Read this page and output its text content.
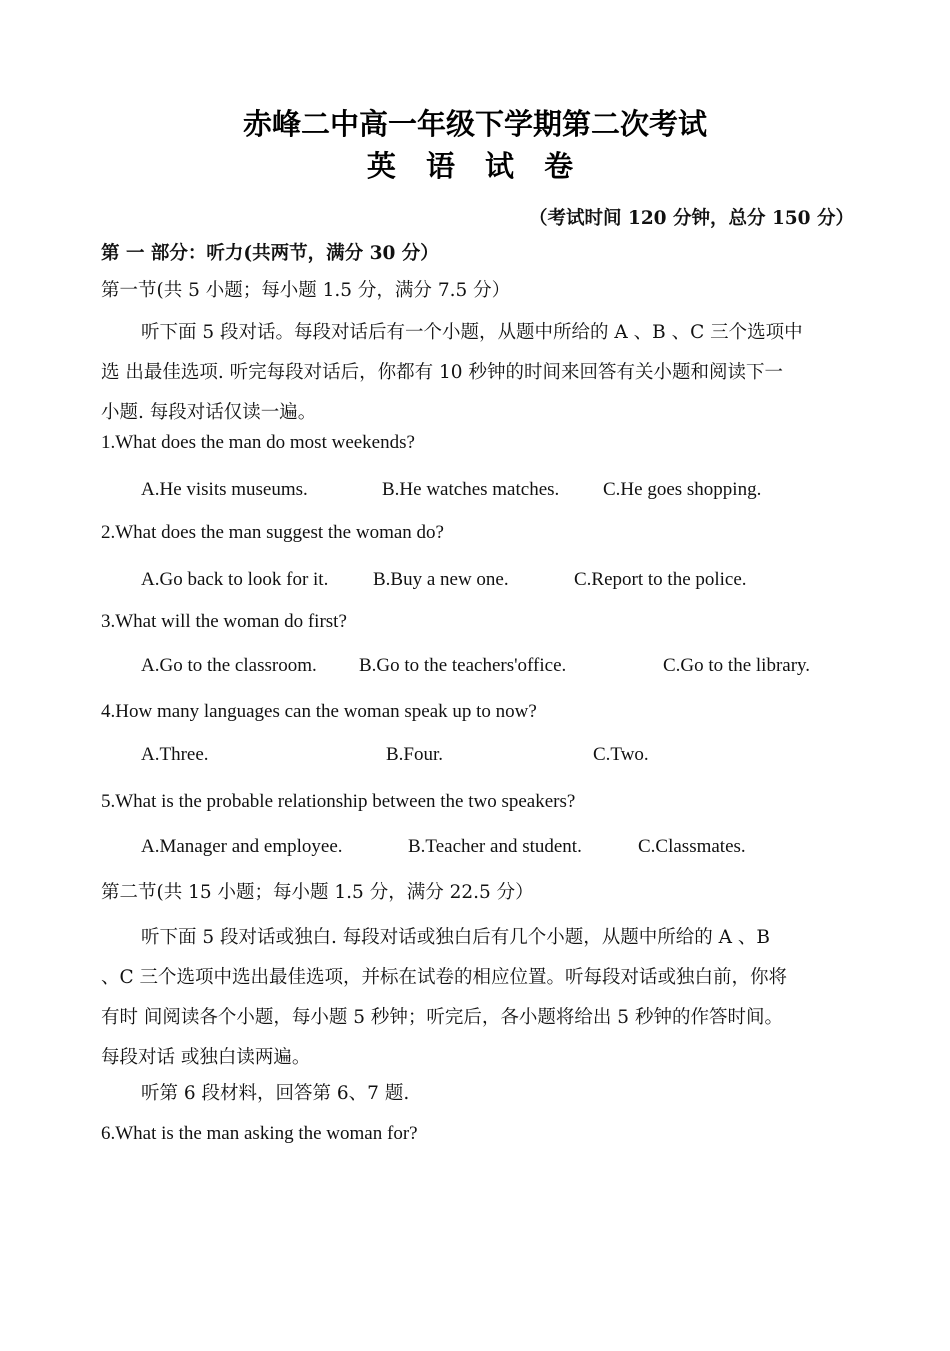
赤峰二中高一年级下学期第二次考试
英 语 试 卷
（考试时间 120 分钟，总分 150 分）
第 一 部分：听力(共两节，满分 30 分）
第一节(共 5 小题；每小题 1.5 分，满分 7.5 分）
听下面 5 段对话。每段对话后有一个小题，从题中所给的 A 、B 、C 三个选项中
选 出最佳选项. 听完每段对话后，你都有 10 秒钟的时间来回答有关小题和阅读下一
小题. 每段对话仅读一遍。
1.What does the man do most weekends?
A.He visits museums.	B.He watches matches. C.He goes shopping.
2.What does the man suggest the woman do?
A.Go back to look for it. B.Buy a new one.	C.Report to the police.
3.What will the woman do first?
A.Go to the classroom. B.Go to the teachers'office.	C.Go to the library.
4.How many languages can the woman speak up to now?
A.Three.	B.Four.	C.Two.
5.What is the probable relationship between the two speakers?
A.Manager and employee.	B.Teacher and student.	C.Classmates.
第二节(共 15 小题；每小题 1.5 分，满分 22.5 分）
听下面 5 段对话或独白. 每段对话或独白后有几个小题，从题中所给的 A 、B
、C 三个选项中选出最佳选项，并标在试卷的相应位置。听每段对话或独白前，你将
有时 间阅读各个小题，每小题 5 秒钟；听完后，各小题将给出 5 秒钟的作答时间。
每段对话 或独白读两遍。
听第 6 段材料，回答第 6、7 题.
6.What is the man asking the woman for?
